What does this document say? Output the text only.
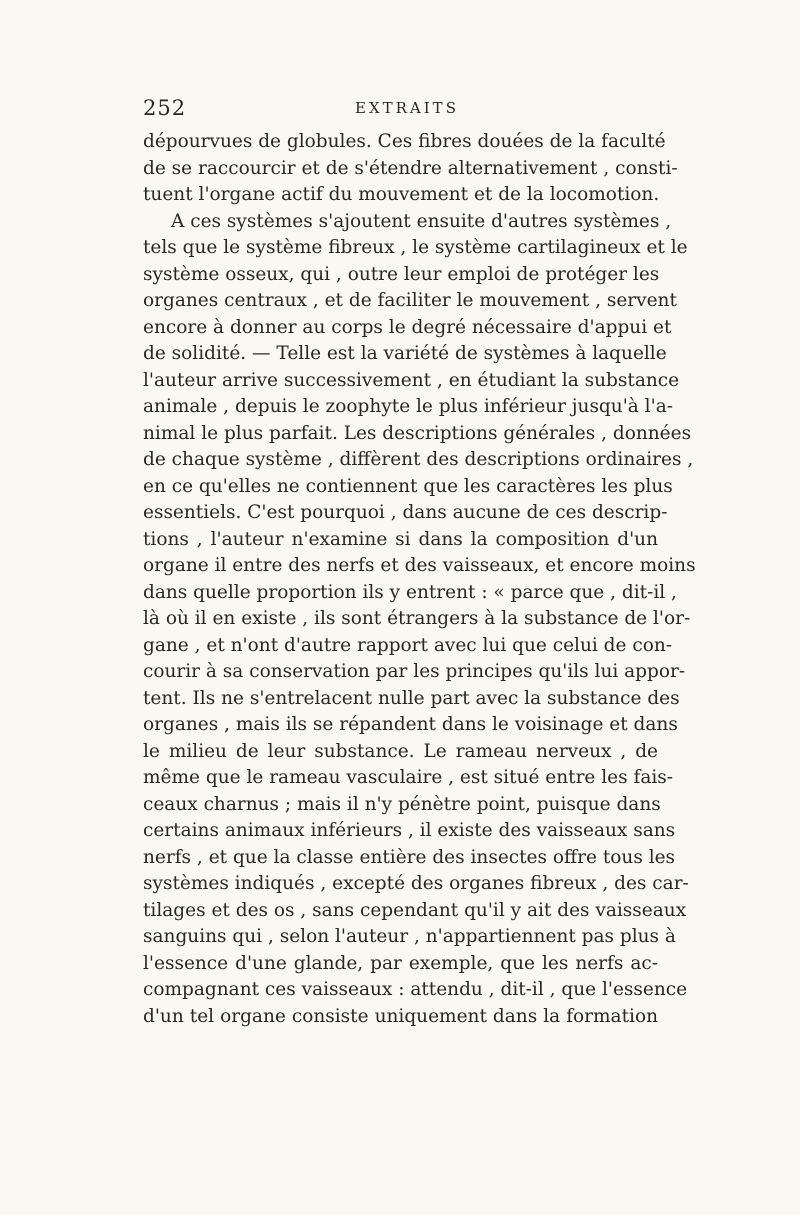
252	EXTRAITS
dépourvues de globules. Ces fibres douées de la faculté
de se raccourcir et de s'étendre alternativement , consti-
tuent l'organe actif du mouvement et de la locomotion.
A ces systèmes s'ajoutent ensuite d'autres systèmes ,
tels que le système fibreux , le système cartilagineux et le
système osseux, qui , outre leur emploi de protéger les
organes centraux , et de faciliter le mouvement , servent
encore à donner au corps le degré nécessaire d'appui et
de solidité. — Telle est la variété de systèmes à laquelle
l'auteur arrive successivement , en étudiant la substance
animale , depuis le zoophyte le plus inférieur jusqu'à l'a-
nimal le plus parfait. Les descriptions générales , données
de chaque système , diffèrent des descriptions ordinaires ,
en ce qu'elles ne contiennent que les caractères les plus
essentiels. C'est pourquoi , dans aucune de ces descrip-
tions , l'auteur n'examine si dans la composition d'un
organe il entre des nerfs et des vaisseaux, et encore moins
dans quelle proportion ils y entrent : « parce que , dit-il ,
là où il en existe , ils sont étrangers à la substance de l'or-
gane , et n'ont d'autre rapport avec lui que celui de con-
courir à sa conservation par les principes qu'ils lui appor-
tent. Ils ne s'entrelacent nulle part avec la substance des
organes , mais ils se répandent dans le voisinage et dans
le milieu de leur substance. Le rameau nerveux , de
même que le rameau vasculaire , est situé entre les fais-
ceaux charnus ; mais il n'y pénètre point, puisque dans
certains animaux inférieurs , il existe des vaisseaux sans
nerfs , et que la classe entière des insectes offre tous les
systèmes indiqués , excepté des organes fibreux , des car-
tilages et des os , sans cependant qu'il y ait des vaisseaux
sanguins qui , selon l'auteur , n'appartiennent pas plus à
l'essence d'une glande, par exemple, que les nerfs ac-
compagnant ces vaisseaux : attendu , dit-il , que l'essence
d'un tel organe consiste uniquement dans la formation
